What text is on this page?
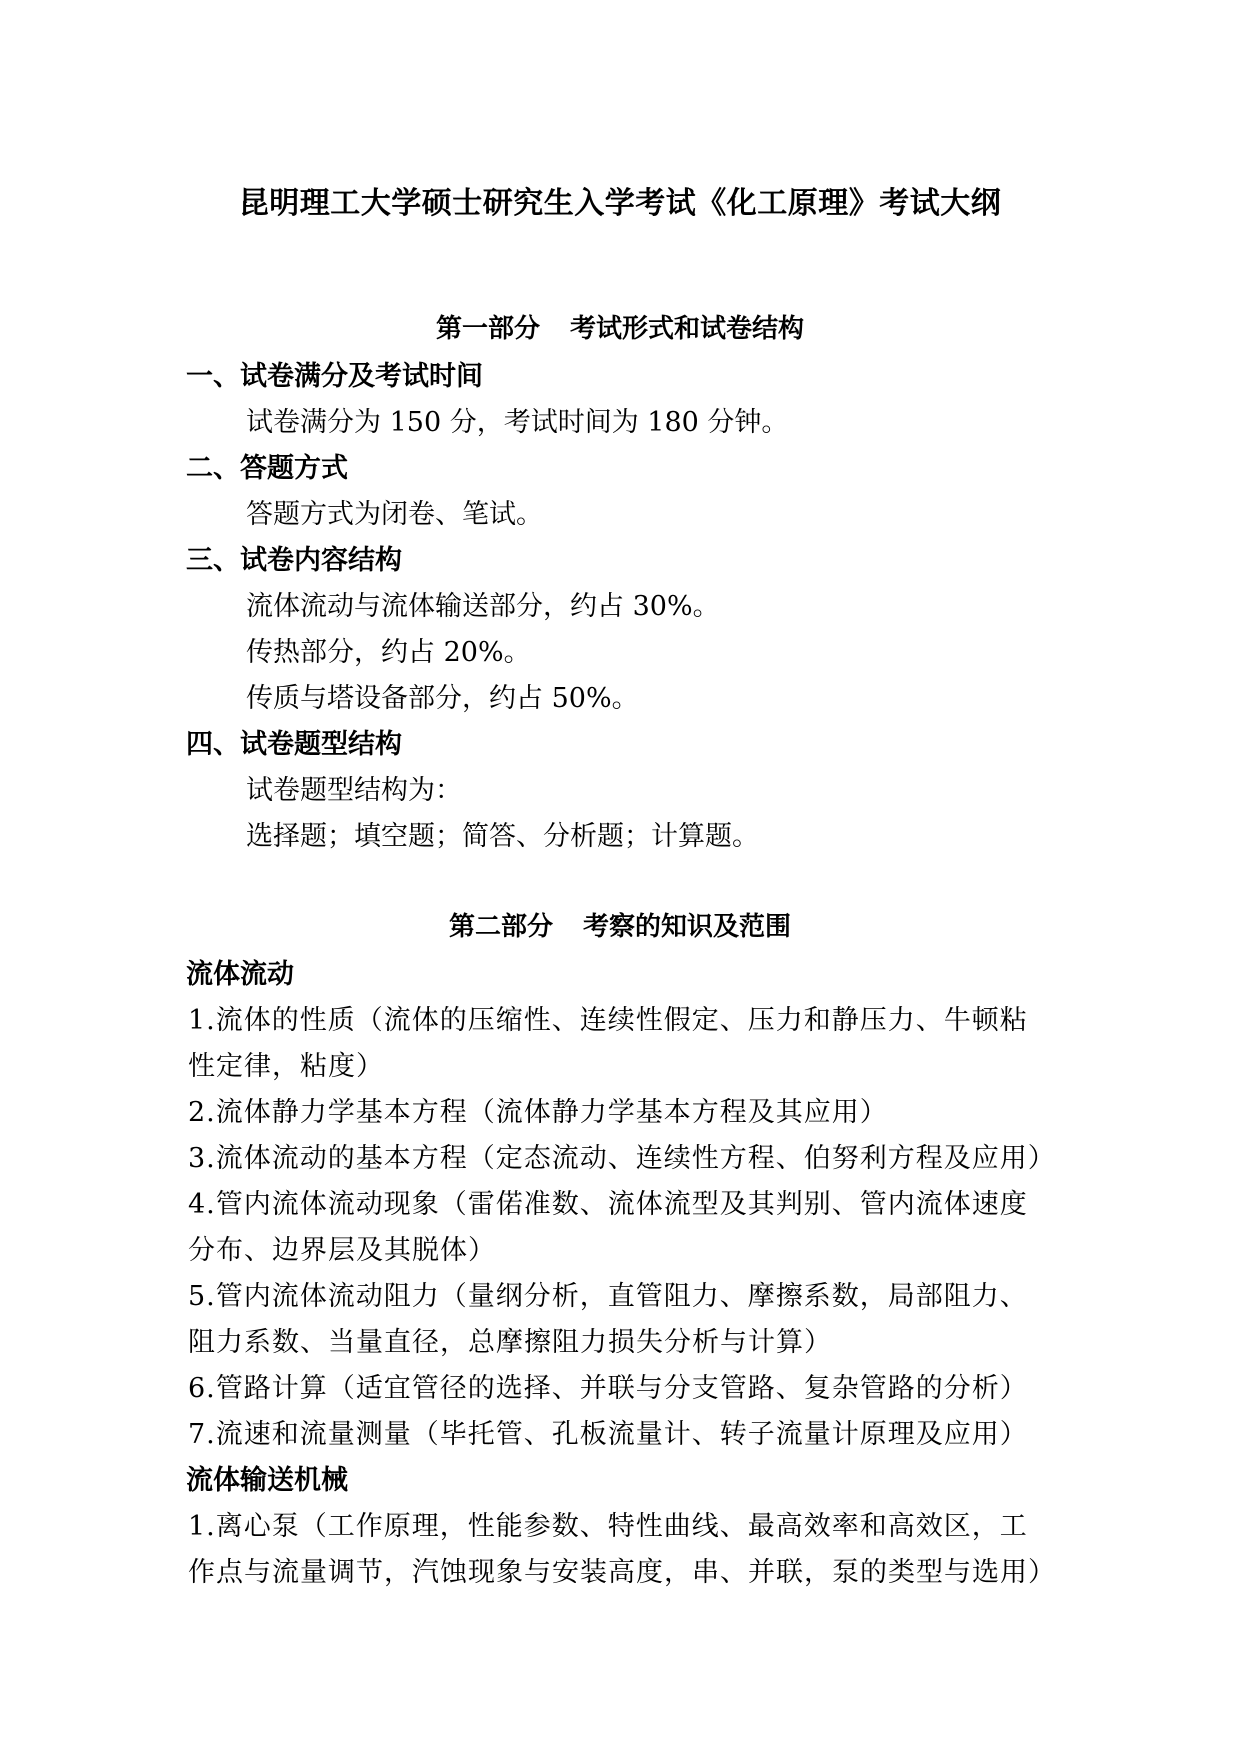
昆明理工大学硕士研究生入学考试《化工原理》考试大纲
第一部分 考试形式和试卷结构
一、试卷满分及考试时间
试卷满分为 150 分，考试时间为 180 分钟。
二、答题方式
答题方式为闭卷、笔试。
三、试卷内容结构
流体流动与流体输送部分，约占 30%。
传热部分，约占 20%。
传质与塔设备部分，约占 50%。
四、试卷题型结构
试卷题型结构为：
选择题；填空题；简答、分析题；计算题。
第二部分 考察的知识及范围
流体流动
1.流体的性质（流体的压缩性、连续性假定、压力和静压力、牛顿粘
性定律，粘度）
2.流体静力学基本方程（流体静力学基本方程及其应用）
3.流体流动的基本方程（定态流动、连续性方程、伯努利方程及应用）
4.管内流体流动现象（雷偌准数、流体流型及其判别、管内流体速度
分布、边界层及其脱体）
5.管内流体流动阻力（量纲分析，直管阻力、摩擦系数，局部阻力、
阻力系数、当量直径，总摩擦阻力损失分析与计算）
6.管路计算（适宜管径的选择、并联与分支管路、复杂管路的分析）
7.流速和流量测量（毕托管、孔板流量计、转子流量计原理及应用）
流体输送机械
1.离心泵（工作原理，性能参数、特性曲线、最高效率和高效区，工
作点与流量调节，汽蚀现象与安装高度，串、并联，泵的类型与选用）
